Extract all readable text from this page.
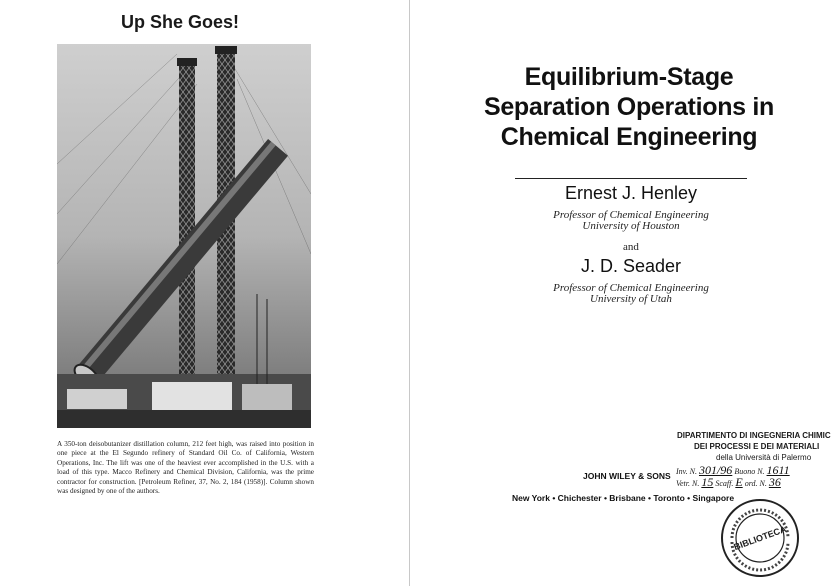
Up She Goes!
A 350-ton deisobutanizer distillation column, 212 feet high, was raised into position in one piece at the El Segundo refinery of Standard Oil Co. of California, Western Operations, Inc. The lift was one of the heaviest ever accomplished in the U.S. with a load of this type. Macco Refinery and Chemical Division, California, was the prime contractor for construction. [Petroleum Refiner, 37, No. 2, 184 (1958)]. Column shown was designed by one of the authors.
Equilibrium-Stage
Separation Operations in
Chemical Engineering
Ernest J. Henley
Professor of Chemical Engineering
University of Houston
and
J. D. Seader
Professor of Chemical Engineering
University of Utah
DIPARTIMENTO DI INGEGNERIA CHIMIC
DEI PROCESSI E DEI MATERIALI
della Università di Palermo
Inv. N. 301/96 Buono N. 1611
JOHN WILEY & SONS
Vetr. N. 15 Scaff. E ord. N. 36
New York • Chichester • Brisbane • Toronto • Singapore
BIBLIOTECA
